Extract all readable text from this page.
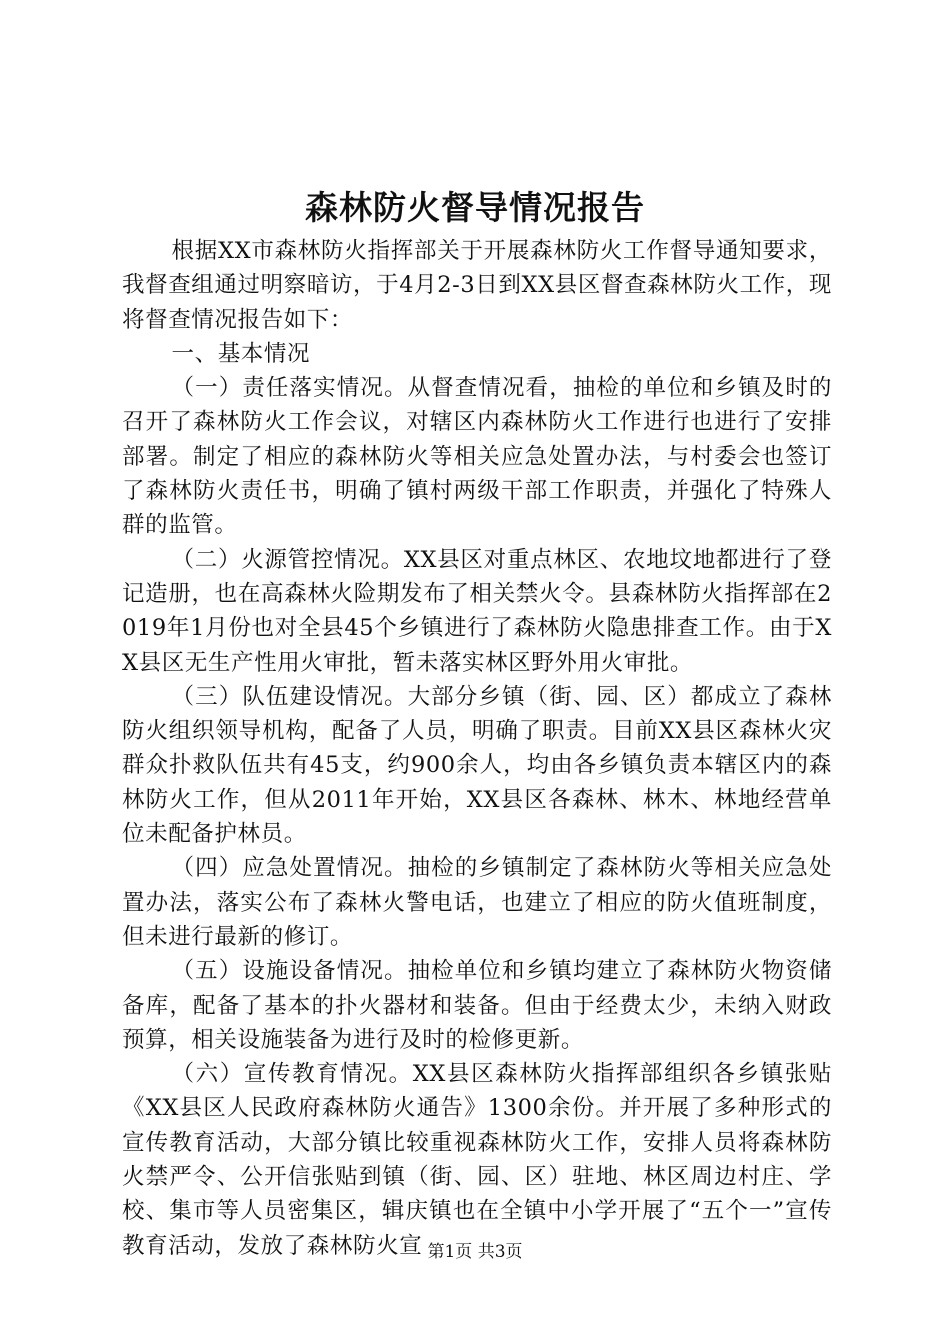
森林防火督导情况报告

根据XX市森林防火指挥部关于开展森林防火工作督导通知要求，我督查组通过明察暗访，于4月2-3日到XX县区督查森林防火工作，现将督查情况报告如下：

一、基本情况

（一）责任落实情况。从督查情况看，抽检的单位和乡镇及时的召开了森林防火工作会议，对辖区内森林防火工作进行也进行了安排部署。制定了相应的森林防火等相关应急处置办法，与村委会也签订了森林防火责任书，明确了镇村两级干部工作职责，并强化了特殊人群的监管。

（二）火源管控情况。XX县区对重点林区、农地坟地都进行了登记造册，也在高森林火险期发布了相关禁火令。县森林防火指挥部在2019年1月份也对全县45个乡镇进行了森林防火隐患排查工作。由于XX县区无生产性用火审批，暂未落实林区野外用火审批。

（三）队伍建设情况。大部分乡镇（街、园、区）都成立了森林防火组织领导机构，配备了人员，明确了职责。目前XX县区森林火灾群众扑救队伍共有45支，约900余人，均由各乡镇负责本辖区内的森林防火工作，但从2011年开始，XX县区各森林、林木、林地经营单位未配备护林员。

（四）应急处置情况。抽检的乡镇制定了森林防火等相关应急处置办法，落实公布了森林火警电话，也建立了相应的防火值班制度，但未进行最新的修订。

（五）设施设备情况。抽检单位和乡镇均建立了森林防火物资储备库，配备了基本的扑火器材和装备。但由于经费太少，未纳入财政预算，相关设施装备为进行及时的检修更新。

（六）宣传教育情况。XX县区森林防火指挥部组织各乡镇张贴《XX县区人民政府森林防火通告》1300余份。并开展了多种形式的宣传教育活动，大部分镇比较重视森林防火工作，安排人员将森林防火禁严令、公开信张贴到镇（街、园、区）驻地、林区周边村庄、学校、集市等人员密集区，辑庆镇也在全镇中小学开展了“五个一”宣传教育活动，发放了森林防火宣 第1页 共3页
